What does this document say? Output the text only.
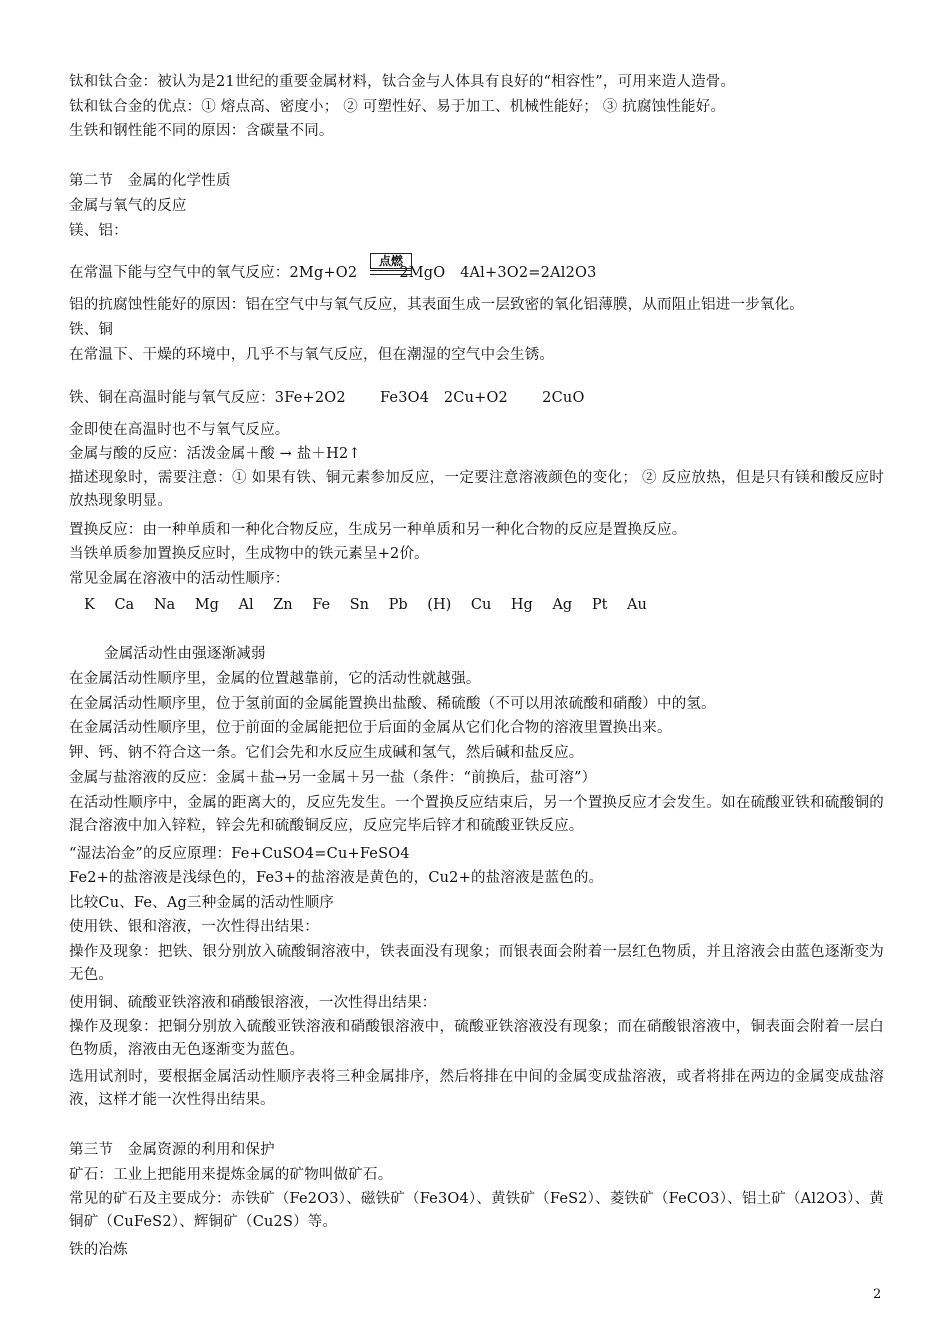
钛和钛合金：被认为是21世纪的重要金属材料，钛合金与人体具有良好的“相容性”，可用来造人造骨。
钛和钛合金的优点：① 熔点高、密度小； ② 可塑性好、易于加工、机械性能好； ③ 抗腐蚀性能好。
生铁和钢性能不同的原因：含碳量不同。
第二节　金属的化学性质
金属与氧气的反应
镁、铝：
在常温下能与空气中的氧气反应：2Mg+O2	2MgO　4Al+3O2=2Al2O3
点燃
铝的抗腐蚀性能好的原因：铝在空气中与氧气反应，其表面生成一层致密的氧化铝薄膜，从而阻止铝进一步氧化。
铁、铜
在常温下、干燥的环境中，几乎不与氧气反应，但在潮湿的空气中会生锈。
铁、铜在高温时能与氧气反应：3Fe+2O2　　 Fe3O4　2Cu+O2　　 2CuO
金即使在高温时也不与氧气反应。
金属与酸的反应：活泼金属＋酸 → 盐＋H2↑
描述现象时，需要注意：① 如果有铁、铜元素参加反应，一定要注意溶液颜色的变化； ② 反应放热，但是只有镁和酸反应时放热现象明显。
置换反应：由一种单质和一种化合物反应，生成另一种单质和另一种化合物的反应是置换反应。
当铁单质参加置换反应时，生成物中的铁元素呈+2价。
常见金属在溶液中的活动性顺序：
K Ca Na Mg Al Zn Fe Sn Pb (H) Cu Hg Ag Pt Au
金属活动性由强逐渐减弱
在金属活动性顺序里，金属的位置越靠前，它的活动性就越强。
在金属活动性顺序里，位于氢前面的金属能置换出盐酸、稀硫酸（不可以用浓硫酸和硝酸）中的氢。
在金属活动性顺序里，位于前面的金属能把位于后面的金属从它们化合物的溶液里置换出来。
钾、钙、钠不符合这一条。它们会先和水反应生成碱和氢气，然后碱和盐反应。
金属与盐溶液的反应：金属＋盐→另一金属＋另一盐（条件：“前换后，盐可溶”）
在活动性顺序中，金属的距离大的，反应先发生。一个置换反应结束后，另一个置换反应才会发生。如在硫酸亚铁和硫酸铜的混合溶液中加入锌粒，锌会先和硫酸铜反应，反应完毕后锌才和硫酸亚铁反应。
“湿法冶金”的反应原理：Fe+CuSO4=Cu+FeSO4
Fe2+的盐溶液是浅绿色的，Fe3+的盐溶液是黄色的，Cu2+的盐溶液是蓝色的。
比较Cu、Fe、Ag三种金属的活动性顺序
使用铁、银和溶液，一次性得出结果：
操作及现象：把铁、银分别放入硫酸铜溶液中，铁表面没有现象；而银表面会附着一层红色物质，并且溶液会由蓝色逐渐变为无色。
使用铜、硫酸亚铁溶液和硝酸银溶液，一次性得出结果：
操作及现象：把铜分别放入硫酸亚铁溶液和硝酸银溶液中，硫酸亚铁溶液没有现象；而在硝酸银溶液中，铜表面会附着一层白色物质，溶液由无色逐渐变为蓝色。
选用试剂时，要根据金属活动性顺序表将三种金属排序，然后将排在中间的金属变成盐溶液，或者将排在两边的金属变成盐溶液，这样才能一次性得出结果。
第三节　金属资源的利用和保护
矿石：工业上把能用来提炼金属的矿物叫做矿石。
常见的矿石及主要成分：赤铁矿（Fe2O3）、磁铁矿（Fe3O4）、黄铁矿（FeS2）、菱铁矿（FeCO3）、铝土矿（Al2O3）、黄铜矿（CuFeS2）、辉铜矿（Cu2S）等。
铁的冶炼
2
